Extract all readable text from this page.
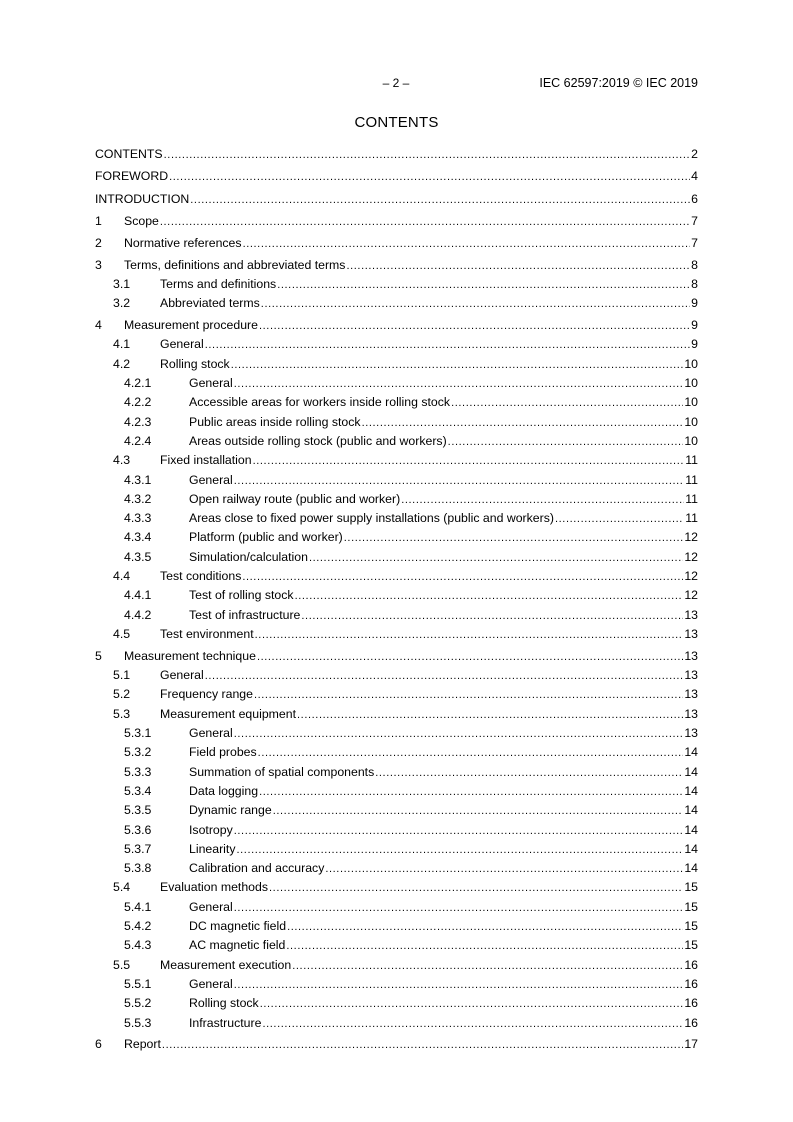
– 2 –	IEC 62597:2019 © IEC 2019
CONTENTS
CONTENTS .....	2
FOREWORD .....	4
INTRODUCTION .....	6
1	Scope .....	7
2	Normative references .....	7
3	Terms, definitions and abbreviated terms .....	8
3.1	Terms and definitions .....	8
3.2	Abbreviated terms .....	9
4	Measurement procedure .....	9
4.1	General .....	9
4.2	Rolling stock .....	10
4.2.1	General .....	10
4.2.2	Accessible areas for workers inside rolling stock .....	10
4.2.3	Public areas inside rolling stock .....	10
4.2.4	Areas outside rolling stock (public and workers) .....	10
4.3	Fixed installation .....	11
4.3.1	General .....	11
4.3.2	Open railway route (public and worker) .....	11
4.3.3	Areas close to fixed power supply installations (public and workers) .....	11
4.3.4	Platform (public and worker) .....	12
4.3.5	Simulation/calculation .....	12
4.4	Test conditions .....	12
4.4.1	Test of rolling stock .....	12
4.4.2	Test of infrastructure .....	13
4.5	Test environment .....	13
5	Measurement technique .....	13
5.1	General .....	13
5.2	Frequency range .....	13
5.3	Measurement equipment .....	13
5.3.1	General .....	13
5.3.2	Field probes .....	14
5.3.3	Summation of spatial components .....	14
5.3.4	Data logging .....	14
5.3.5	Dynamic range .....	14
5.3.6	Isotropy .....	14
5.3.7	Linearity .....	14
5.3.8	Calibration and accuracy .....	14
5.4	Evaluation methods .....	15
5.4.1	General .....	15
5.4.2	DC magnetic field .....	15
5.4.3	AC magnetic field .....	15
5.5	Measurement execution .....	16
5.5.1	General .....	16
5.5.2	Rolling stock .....	16
5.5.3	Infrastructure .....	16
6	Report .....	17
